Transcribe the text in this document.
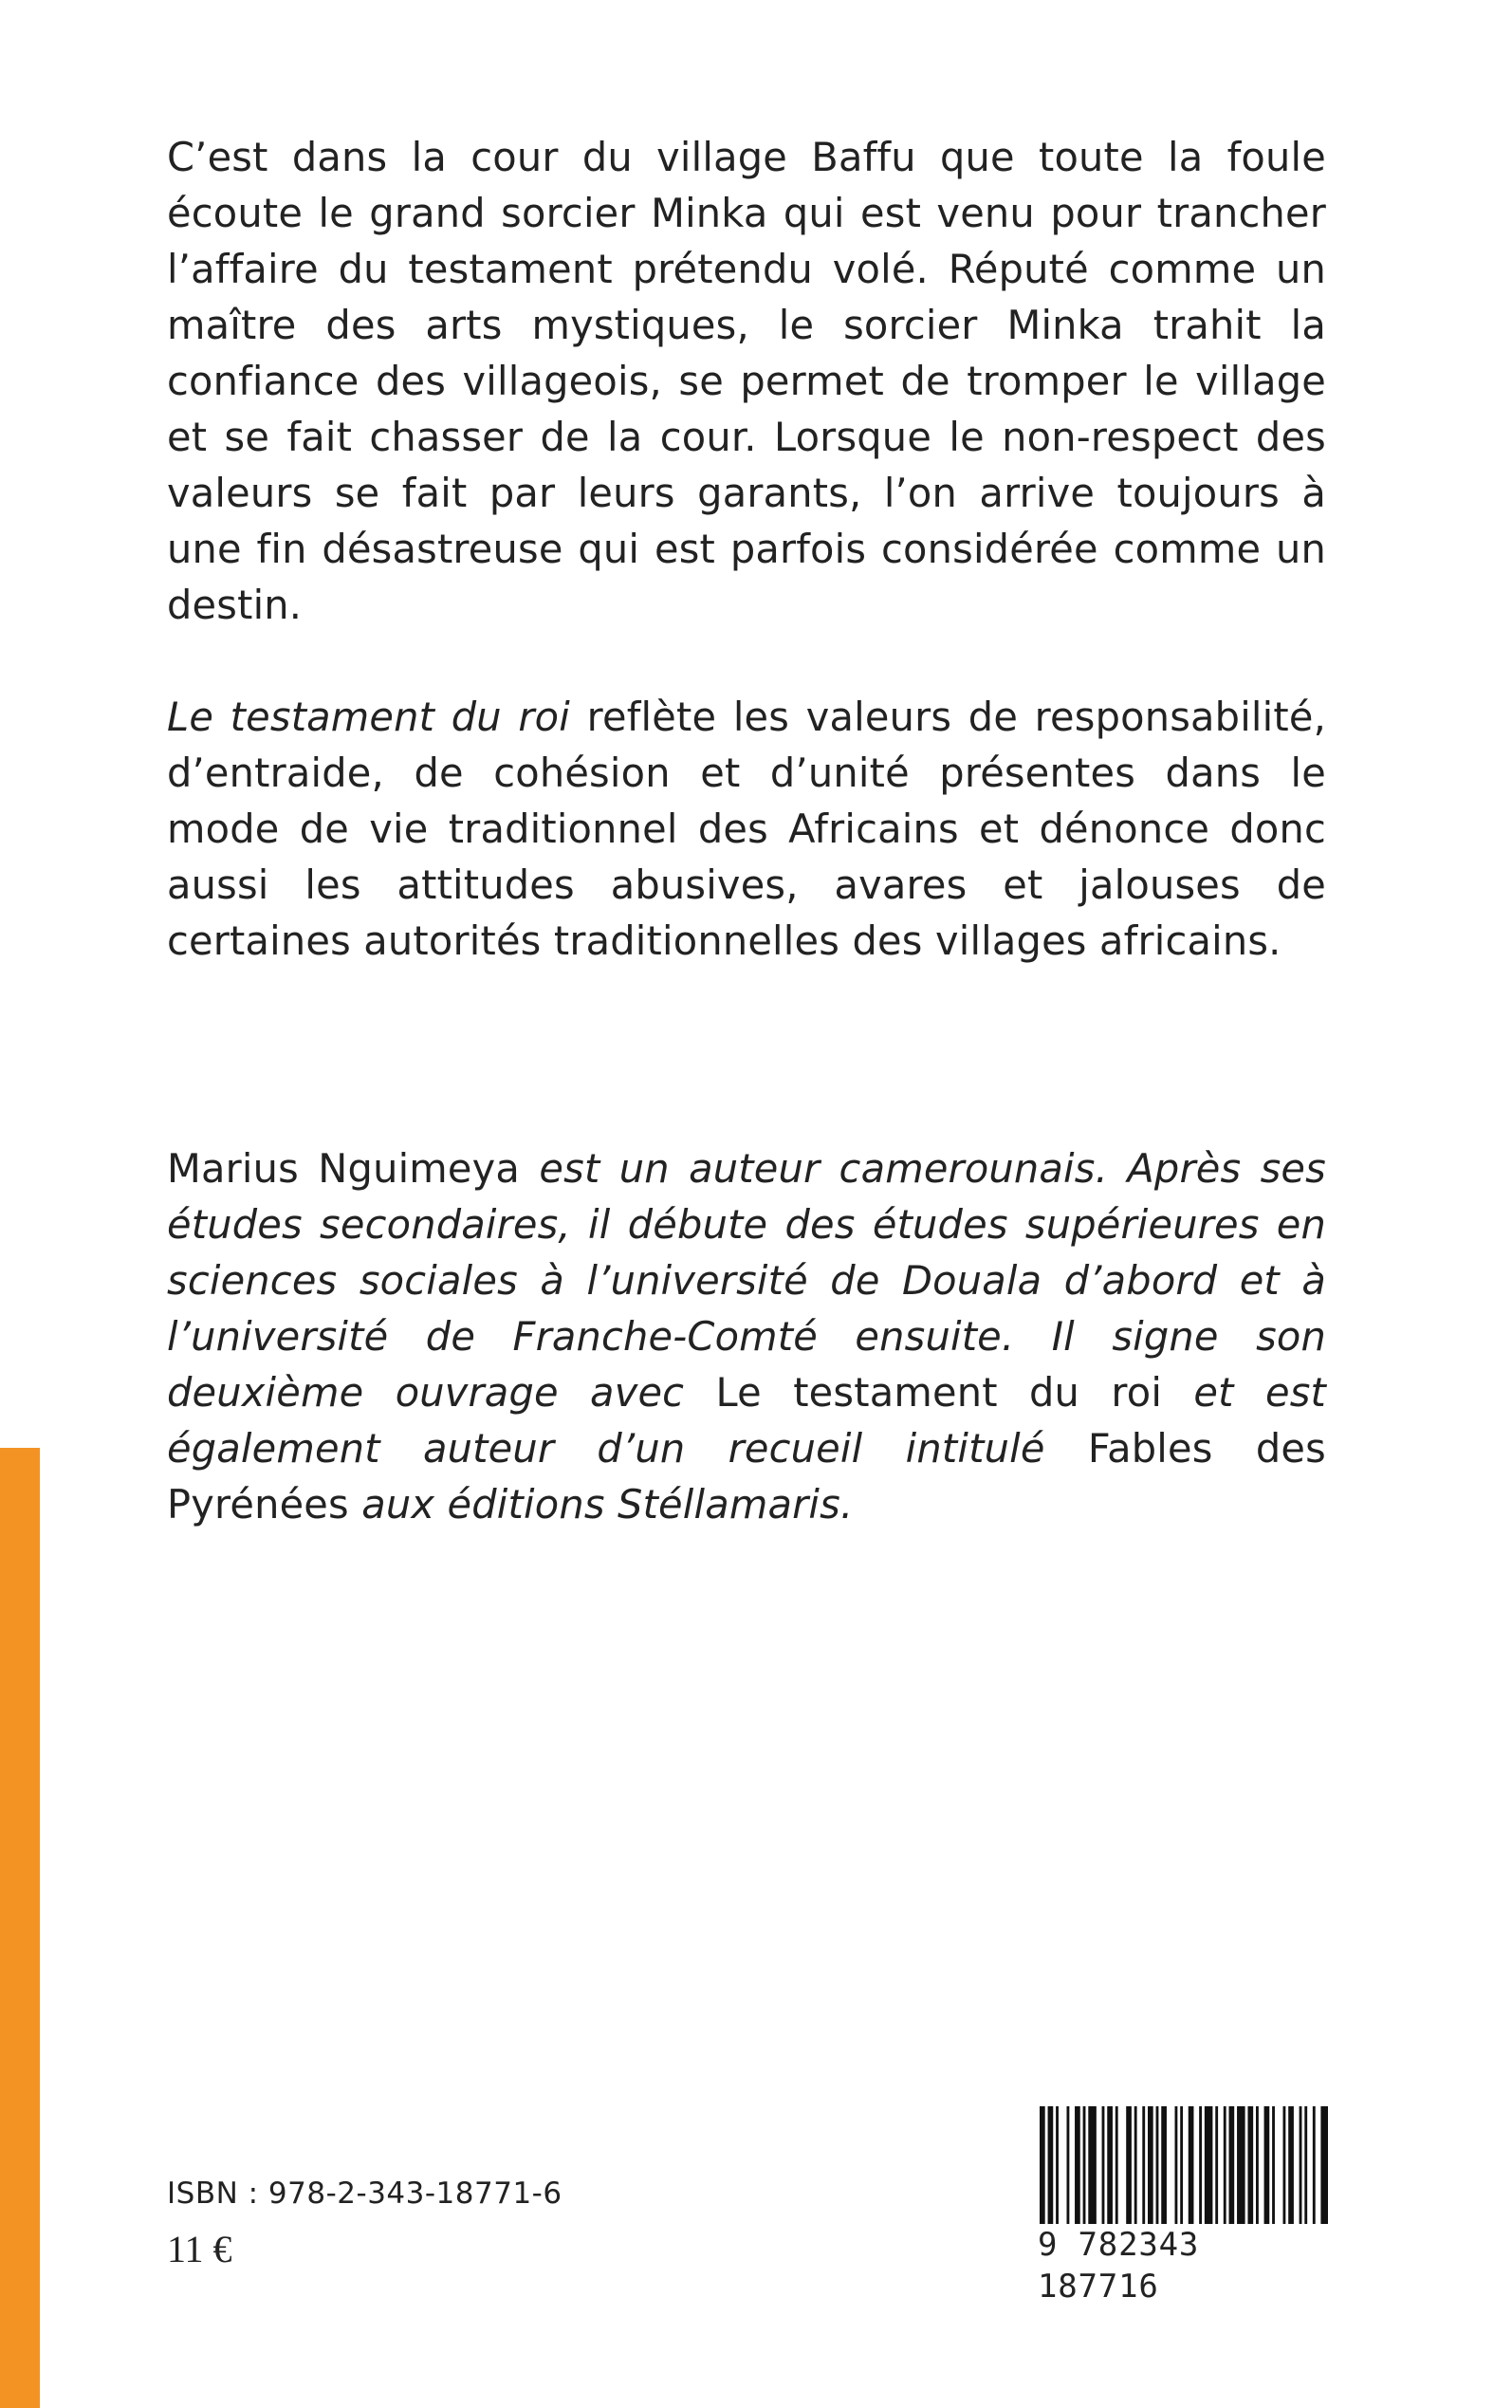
C’est dans la cour du village Baffu que toute la foule écoute le grand sorcier Minka qui est venu pour trancher l’affaire du testament prétendu volé. Réputé comme un maître des arts mystiques, le sorcier Minka trahit la confiance des villageois, se permet de tromper le village et se fait chasser de la cour. Lorsque le non-respect des valeurs se fait par leurs garants, l’on arrive toujours à une fin désastreuse qui est parfois considérée comme un destin.

Le testament du roi reflète les valeurs de responsabilité, d’entraide, de cohésion et d’unité présentes dans le mode de vie traditionnel des Africains et dénonce donc aussi les attitudes abusives, avares et jalouses de certaines autorités traditionnelles des villages africains.

Marius Nguimeya est un auteur camerounais. Après ses études secondaires, il débute des études supérieures en sciences sociales à l’université de Douala d’abord et à l’université de Franche-Comté ensuite. Il signe son deuxième ouvrage avec Le testament du roi et est également auteur d’un recueil intitulé Fables des Pyrénées aux éditions Stéllamaris.

ISBN : 978-2-343-18771-6
11 €	9 782343 187716
